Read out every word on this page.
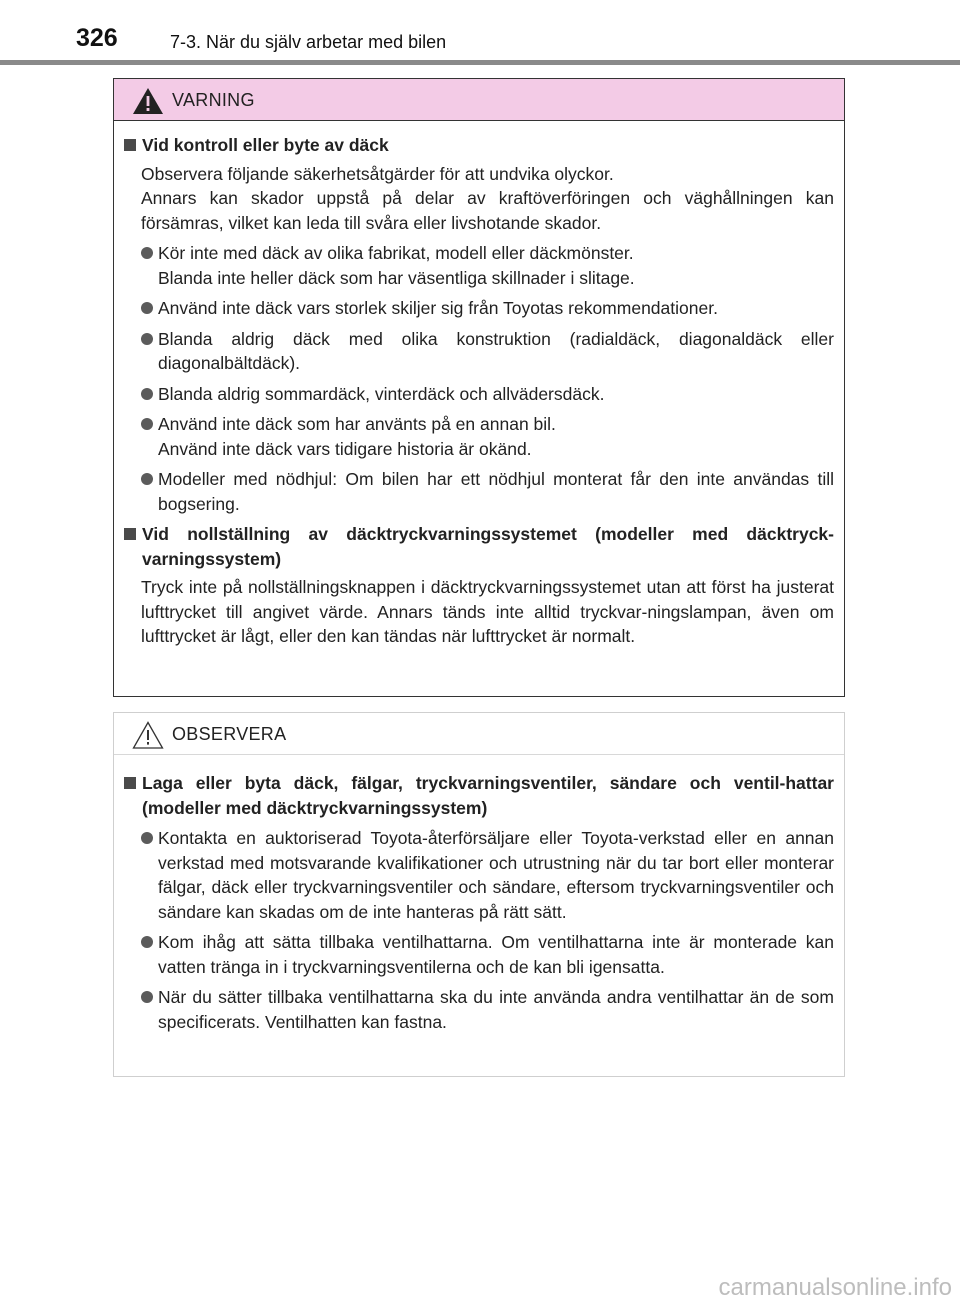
326	7-3. När du själv arbetar med bilen
VARNING
Vid kontroll eller byte av däck
Observera följande säkerhetsåtgärder för att undvika olyckor.
Annars kan skador uppstå på delar av kraftöverföringen och väghållningen kan försämras, vilket kan leda till svåra eller livshotande skador.
Kör inte med däck av olika fabrikat, modell eller däckmönster.
Blanda inte heller däck som har väsentliga skillnader i slitage.
Använd inte däck vars storlek skiljer sig från Toyotas rekommendationer.
Blanda aldrig däck med olika konstruktion (radialdäck, diagonaldäck eller diagonalbältdäck).
Blanda aldrig sommardäck, vinterdäck och allvädersdäck.
Använd inte däck som har använts på en annan bil.
Använd inte däck vars tidigare historia är okänd.
Modeller med nödhjul: Om bilen har ett nödhjul monterat får den inte användas till bogsering.
Vid nollställning av däcktryckvarningssystemet (modeller med däcktryck-varningssystem)
Tryck inte på nollställningsknappen i däcktryckvarningssystemet utan att först ha justerat lufttrycket till angivet värde. Annars tänds inte alltid tryckvar-ningslampan, även om lufttrycket är lågt, eller den kan tändas när lufttrycket är normalt.
OBSERVERA
Laga eller byta däck, fälgar, tryckvarningsventiler, sändare och ventil-hattar (modeller med däcktryckvarningssystem)
Kontakta en auktoriserad Toyota-återförsäljare eller Toyota-verkstad eller en annan verkstad med motsvarande kvalifikationer och utrustning när du tar bort eller monterar fälgar, däck eller tryckvarningsventiler och sändare, eftersom tryckvarningsventiler och sändare kan skadas om de inte hanteras på rätt sätt.
Kom ihåg att sätta tillbaka ventilhattarna. Om ventilhattarna inte är monterade kan vatten tränga in i tryckvarningsventilerna och de kan bli igensatta.
När du sätter tillbaka ventilhattarna ska du inte använda andra ventilhattar än de som specificerats. Ventilhatten kan fastna.
carmanualsonline.info
